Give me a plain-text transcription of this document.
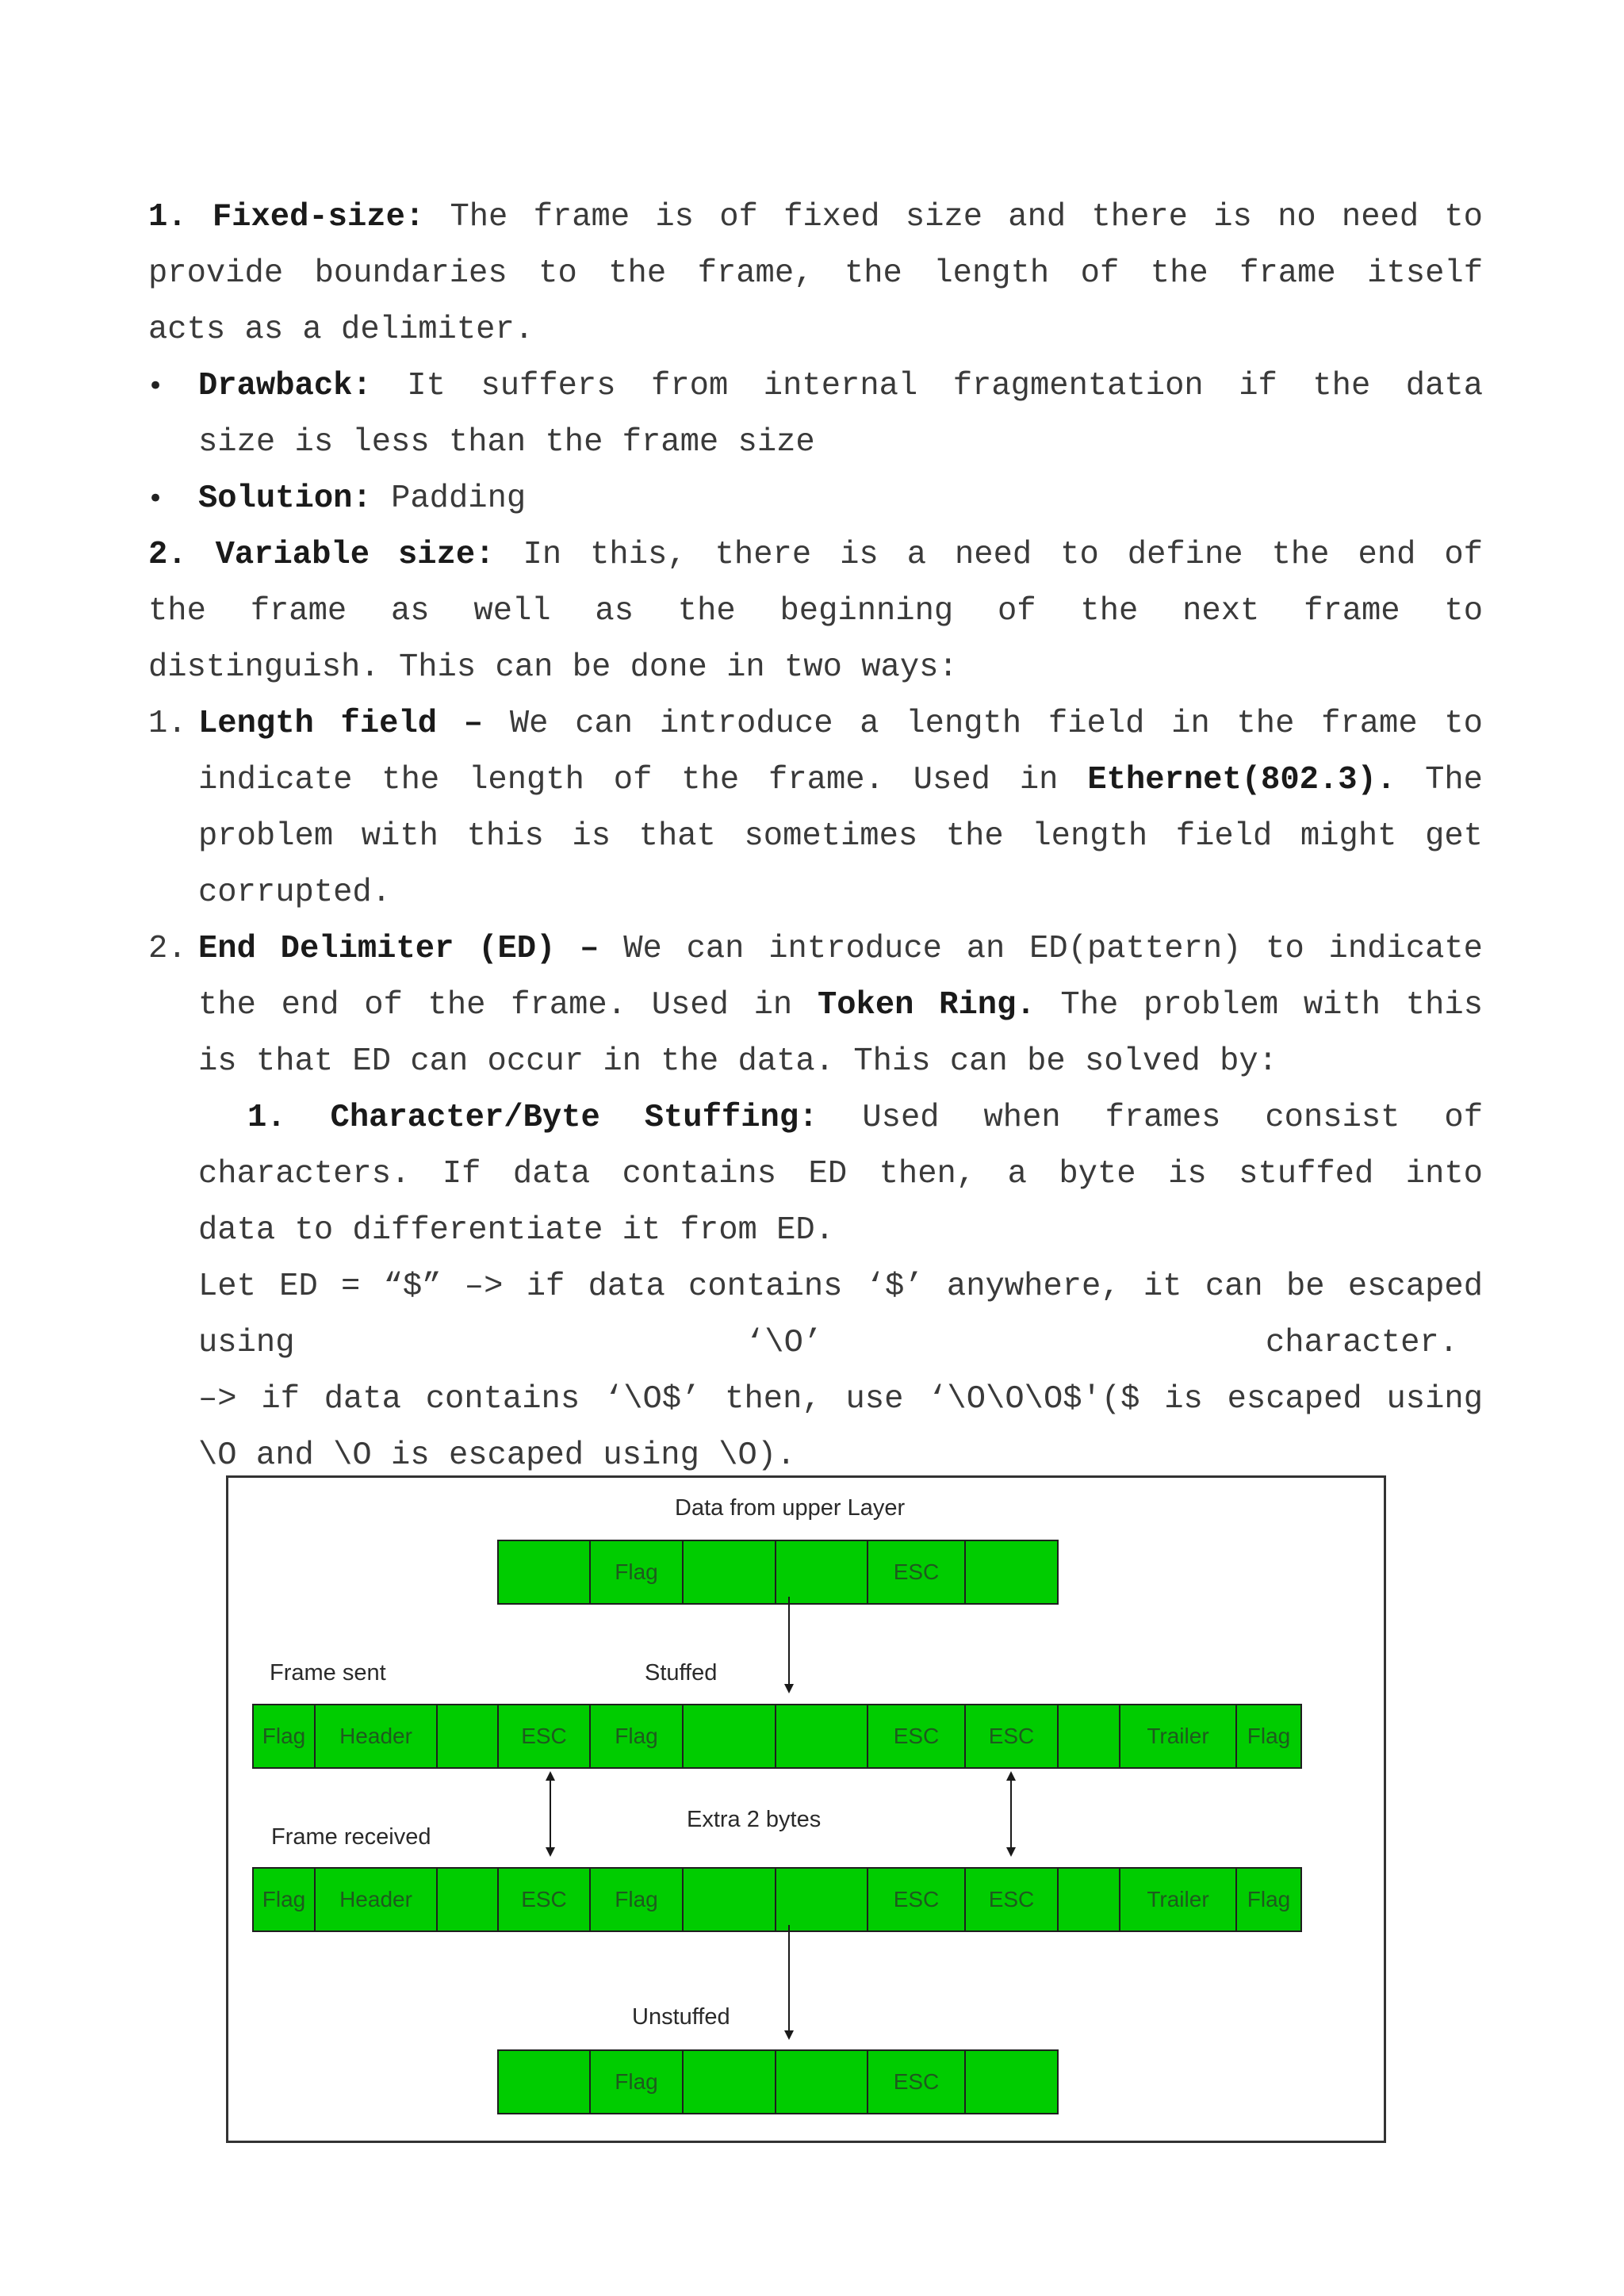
1. Fixed-size: The frame is of fixed size and there is no need to
provide boundaries to the frame, the length of the frame itself
acts as a delimiter.
• Drawback: It suffers from internal fragmentation if the data
size is less than the frame size
• Solution: Padding
2. Variable size: In this, there is a need to define the end of
the frame as well as the beginning of the next frame to
distinguish. This can be done in two ways:
1. Length field – We can introduce a length field in the frame to
indicate the length of the frame. Used in Ethernet(802.3). The
problem with this is that sometimes the length field might get
corrupted.
2. End Delimiter (ED) – We can introduce an ED(pattern) to indicate
the end of the frame. Used in Token Ring. The problem with this
is that ED can occur in the data. This can be solved by:
1. Character/Byte Stuffing: Used when frames consist of
characters. If data contains ED then, a byte is stuffed into
data to differentiate it from ED.
Let ED = “$” –> if data contains ‘$’ anywhere, it can be escaped
using	‘\O’	character.
–> if data contains ‘\O$’ then, use ‘\O\O\O$'($ is escaped using
\O and \O is escaped using \O).
Data from upper Layer
Frame sent	Stuffed
Extra 2 bytes
Frame received
Unstuffed
Flag	ESC
Flag	Header	ESC	Flag	ESC	ESC	Trailer	Flag
Flag	Header	ESC	Flag	ESC	ESC	Trailer	Flag
Flag	ESC
